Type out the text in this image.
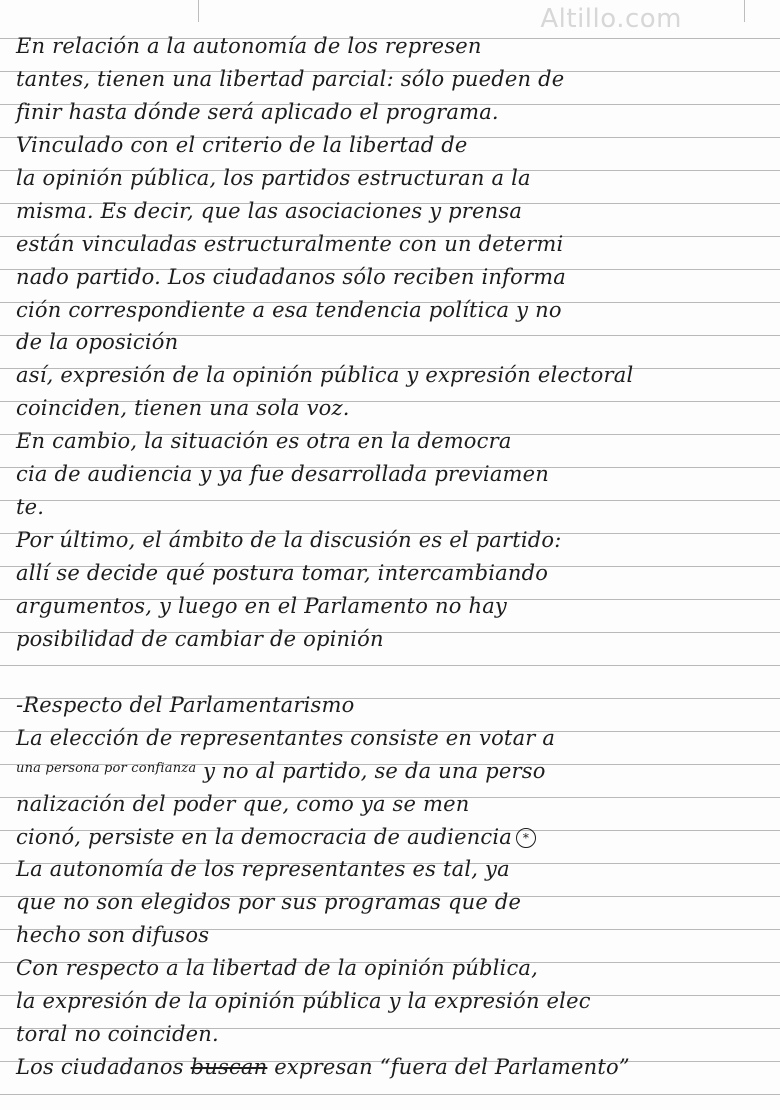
Altillo.com
En relación a la autonomía de los represen
tantes, tienen una libertad parcial: sólo pueden de
finir hasta dónde será aplicado el programa.
Vinculado con el criterio de la libertad de
la opinión pública, los partidos estructuran a la
misma. Es decir, que las asociaciones y prensa
están vinculadas estructuralmente con un determi
nado partido. Los ciudadanos sólo reciben informa
ción correspondiente a esa tendencia política y no
de la oposición
así, expresión de la opinión pública y expresión electoral
coinciden, tienen una sola voz.
En cambio, la situación es otra en la democra
cia de audiencia y ya fue desarrollada previamen
te.
Por último, el ámbito de la discusión es el partido:
allí se decide qué postura tomar, intercambiando
argumentos, y luego en el Parlamento no hay
posibilidad de cambiar de opinión
-Respecto del Parlamentarismo
La elección de representantes consiste en votar a
$^{una persona por confianza}$ y no al partido, se da una perso
nalización del poder que, como ya se men
cionó, persiste en la democracia de audiencia *
La autonomía de los representantes es tal, ya
que no son elegidos por sus programas que de
hecho son difusos
Con respecto a la libertad de la opinión pública,
la expresión de la opinión pública y la expresión elec
toral no coinciden.
Los ciudadanos buscan expresan “fuera del Parlamento”
